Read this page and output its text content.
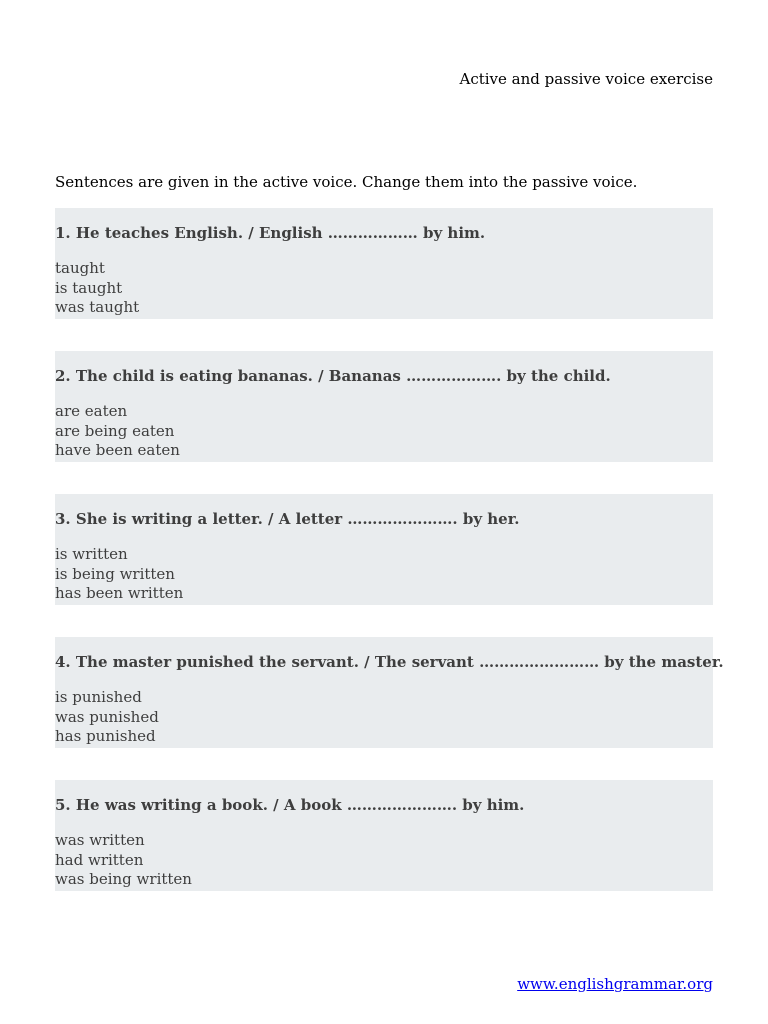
Active and passive voice exercise
Sentences are given in the active voice. Change them into the passive voice.
1. He teaches English. / English ……………… by him.
taught
is taught
was taught
2. The child is eating bananas. / Bananas ………………. by the child.
are eaten
are being eaten
have been eaten
3. She is writing a letter. / A letter …………………. by her.
is written
is being written
has been written
4. The master punished the servant. / The servant …………………… by the master.
is punished
was punished
has punished
5. He was writing a book. / A book …………………. by him.
was written
had written
was being written
www.englishgrammar.org
